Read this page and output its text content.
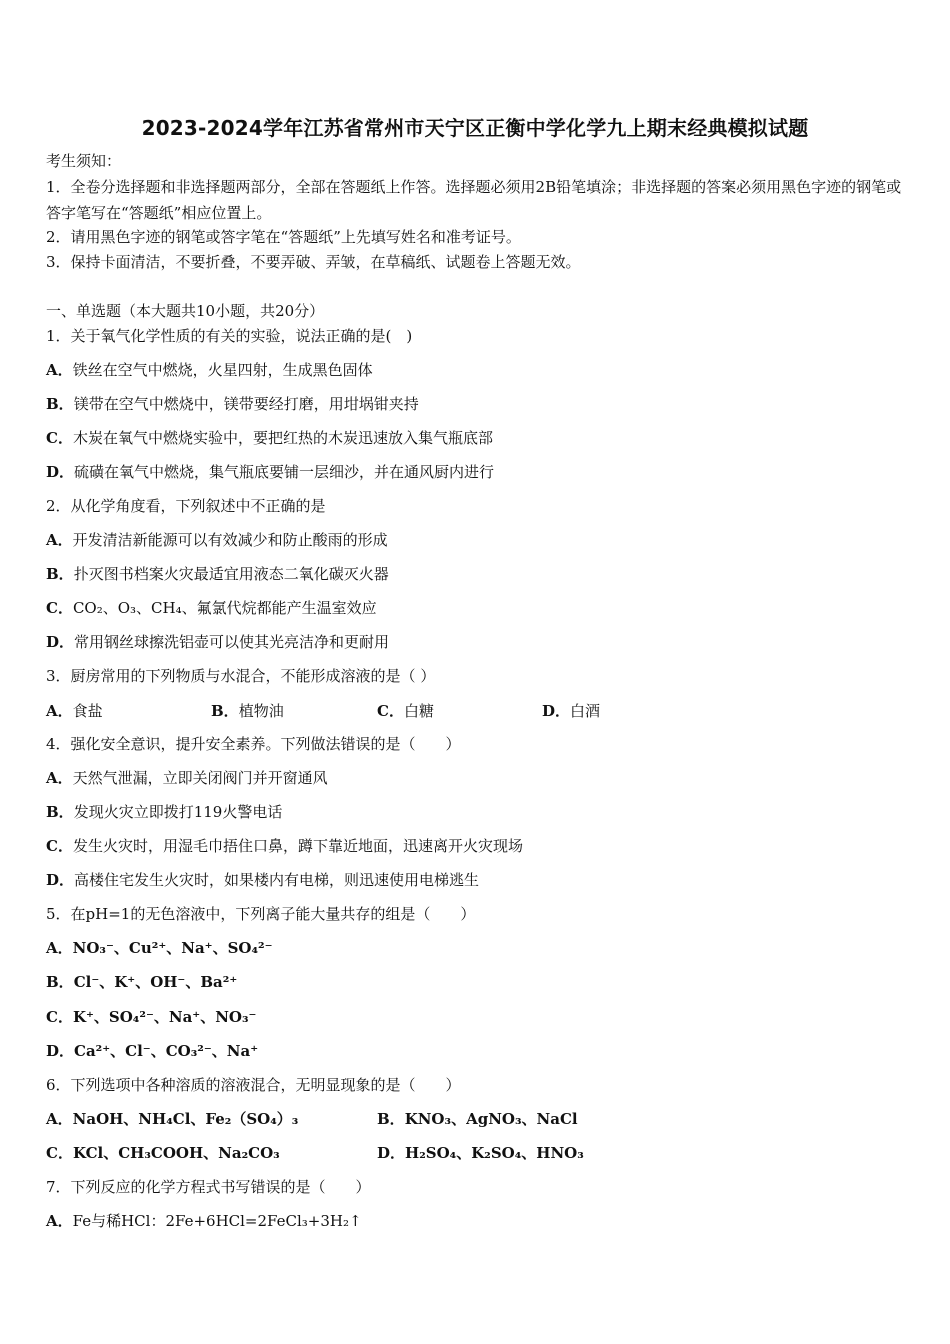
2023-2024学年江苏省常州市天宁区正衡中学化学九上期末经典模拟试题
考生须知：
1．全卷分选择题和非选择题两部分，全部在答题纸上作答。选择题必须用2B铅笔填涂；非选择题的答案必须用黑色字迹的钢笔或答字笔写在“答题纸”相应位置上。
2．请用黑色字迹的钢笔或答字笔在“答题纸”上先填写姓名和准考证号。
3．保持卡面清洁，不要折叠，不要弄破、弄皱，在草稿纸、试题卷上答题无效。
一、单选题（本大题共10小题，共20分）
1．关于氧气化学性质的有关的实验，说法正确的是(　)
A．铁丝在空气中燃烧，火星四射，生成黑色固体
B．镁带在空气中燃烧中，镁带要经打磨，用坩埚钳夹持
C．木炭在氧气中燃烧实验中，要把红热的木炭迅速放入集气瓶底部
D．硫磺在氧气中燃烧，集气瓶底要铺一层细沙，并在通风厨内进行
2．从化学角度看，下列叙述中不正确的是
A．开发清洁新能源可以有效减少和防止酸雨的形成
B．扑灭图书档案火灾最适宜用液态二氧化碳灭火器
C．CO₂、O₃、CH₄、氟氯代烷都能产生温室效应
D．常用钢丝球擦洗铝壶可以使其光亮洁净和更耐用
3．厨房常用的下列物质与水混合，不能形成溶液的是（ ）
A．食盐	B．植物油	C．白糖	D．白酒
4．强化安全意识，提升安全素养。下列做法错误的是（　　）
A．天然气泄漏，立即关闭阀门并开窗通风
B．发现火灾立即拨打119火警电话
C．发生火灾时，用湿毛巾捂住口鼻，蹲下靠近地面，迅速离开火灾现场
D．高楼住宅发生火灾时，如果楼内有电梯，则迅速使用电梯逃生
5．在pH=1的无色溶液中，下列离子能大量共存的组是（　　）
A．NO₃⁻、Cu²⁺、Na⁺、SO₄²⁻
B．Cl⁻、K⁺、OH⁻、Ba²⁺
C．K⁺、SO₄²⁻、Na⁺、NO₃⁻
D．Ca²⁺、Cl⁻、CO₃²⁻、Na⁺
6．下列选项中各种溶质的溶液混合，无明显现象的是（　　）
A．NaOH、NH₄Cl、Fe₂（SO₄）₃	B．KNO₃、AgNO₃、NaCl
C．KCl、CH₃COOH、Na₂CO₃	D．H₂SO₄、K₂SO₄、HNO₃
7．下列反应的化学方程式书写错误的是（　　）
A．Fe与稀HCl：2Fe+6HCl=2FeCl₃+3H₂↑
